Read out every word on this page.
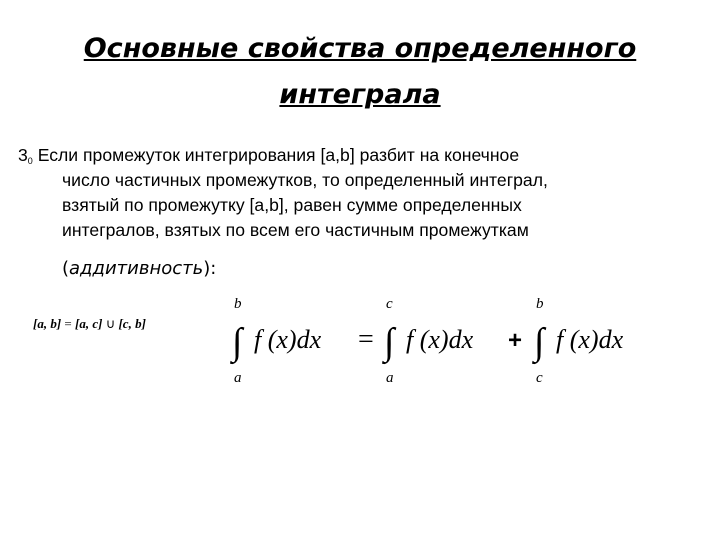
Основные свойства определенного
интеграла
$3^0$ Если промежуток интегрирования [a,b] разбит на конечное
число частичных промежутков, то определенный интеграл,
взятый по промежутку [a,b], равен сумме определенных
интегралов, взятых по всем его частичным промежуткам
(аддитивность):
[a, b] = [a, c] ∪ [c, b]
b
∫
a
f (x)dx =
c
∫
a
f (x)dx +
b
∫
c
f (x)dx
